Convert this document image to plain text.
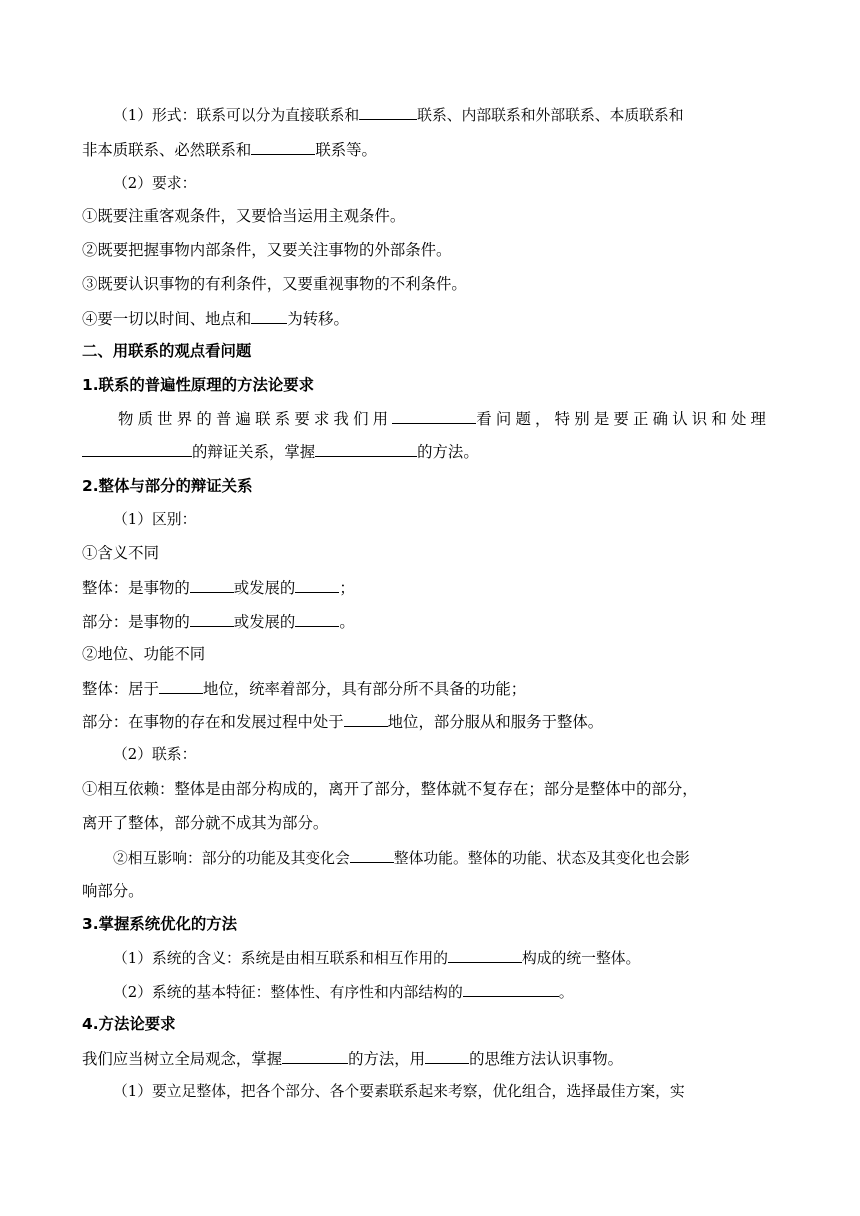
（1）形式：联系可以分为直接联系和	联系、内部联系和外部联系、本质联系和
非本质联系、必然联系和	联系等。
（2）要求：
①既要注重客观条件，又要恰当运用主观条件。
②既要把握事物内部条件，又要关注事物的外部条件。
③既要认识事物的有利条件，又要重视事物的不利条件。
④要一切以时间、地点和 为转移。
二、用联系的观点看问题
1.联系的普遍性原理的方法论要求
物质世界的普遍联系要求我们用	看问题，特别是要正确认识和处理
的辩证关系，掌握	的方法。
2.整体与部分的辩证关系
（1）区别：
①含义不同
整体：是事物的	或发展的	；
部分：是事物的	或发展的	。
②地位、功能不同
整体：居于	地位，统率着部分，具有部分所不具备的功能；
部分：在事物的存在和发展过程中处于	地位，部分服从和服务于整体。
（2）联系：
①相互依赖：整体是由部分构成的，离开了部分，整体就不复存在；部分是整体中的部分，
离开了整体，部分就不成其为部分。
②相互影响：部分的功能及其变化会	整体功能。整体的功能、状态及其变化也会影
响部分。
3.掌握系统优化的方法
（1）系统的含义：系统是由相互联系和相互作用的	构成的统一整体。
（2）系统的基本特征：整体性、有序性和内部结构的	。
4.方法论要求
我们应当树立全局观念，掌握	的方法，用	的思维方法认识事物。
（1）要立足整体，把各个部分、各个要素联系起来考察，优化组合，选择最佳方案，实
